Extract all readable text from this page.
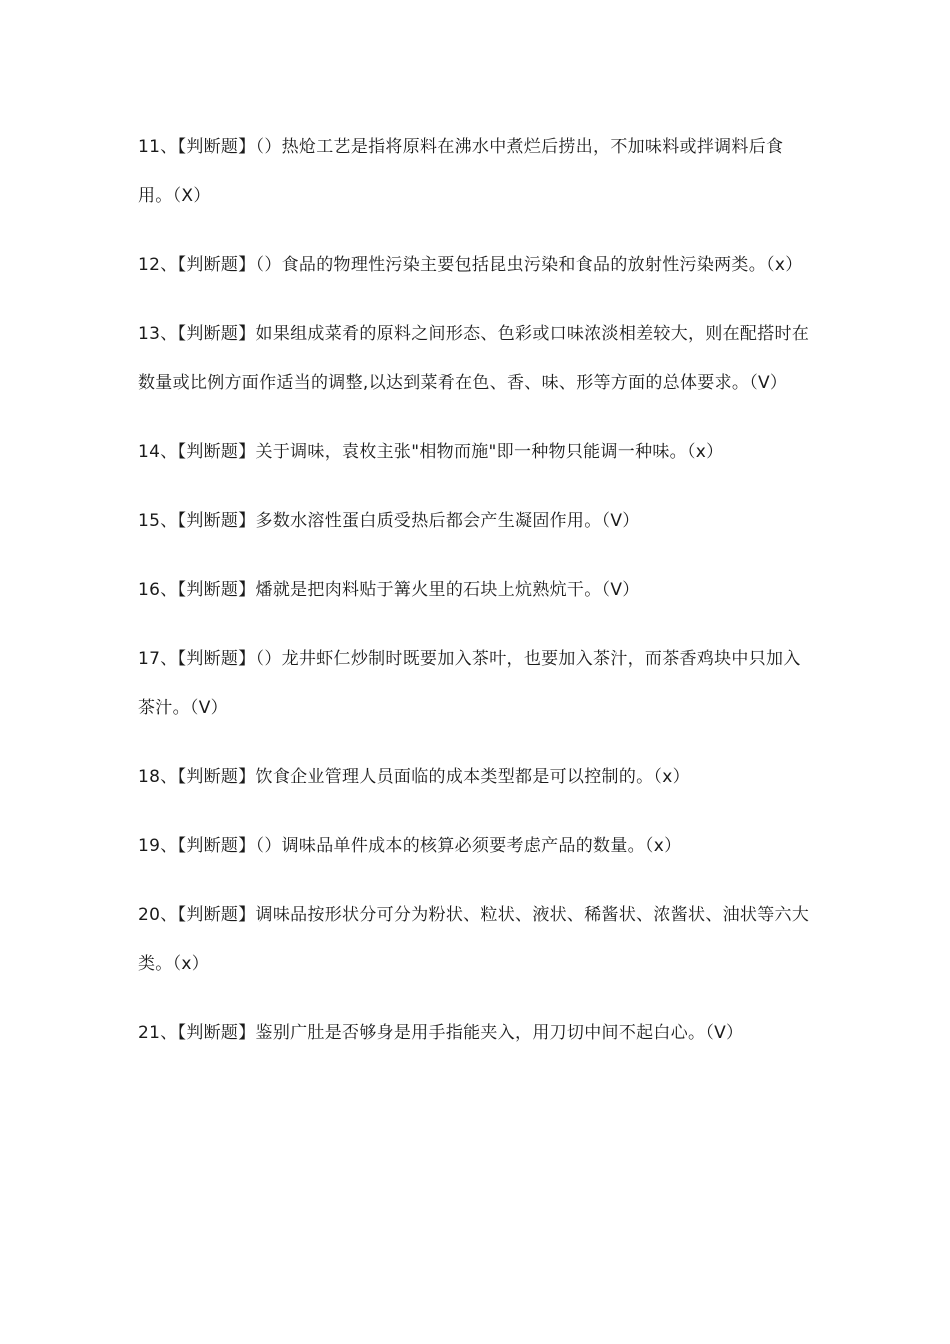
11、【判断题】（）热炝工艺是指将原料在沸水中煮烂后捞出，不加味料或拌调料后食用。（X）

12、【判断题】（）食品的物理性污染主要包括昆虫污染和食品的放射性污染两类。（x）

13、【判断题】如果组成菜肴的原料之间形态、色彩或口味浓淡相差较大，则在配搭时在数量或比例方面作适当的调整,以达到菜肴在色、香、味、形等方面的总体要求。（V）

14、【判断题】关于调味，袁枚主张"相物而施"即一种物只能调一种味。（x）

15、【判断题】多数水溶性蛋白质受热后都会产生凝固作用。（V）

16、【判断题】燔就是把肉料贴于篝火里的石块上炕熟炕干。（V）

17、【判断题】（）龙井虾仁炒制时既要加入茶叶，也要加入茶汁，而茶香鸡块中只加入茶汁。（V）

18、【判断题】饮食企业管理人员面临的成本类型都是可以控制的。（x）

19、【判断题】（）调味品单件成本的核算必须要考虑产品的数量。（x）

20、【判断题】调味品按形状分可分为粉状、粒状、液状、稀酱状、浓酱状、油状等六大类。（x）

21、【判断题】鉴别广肚是否够身是用手指能夹入，用刀切中间不起白心。（V）
